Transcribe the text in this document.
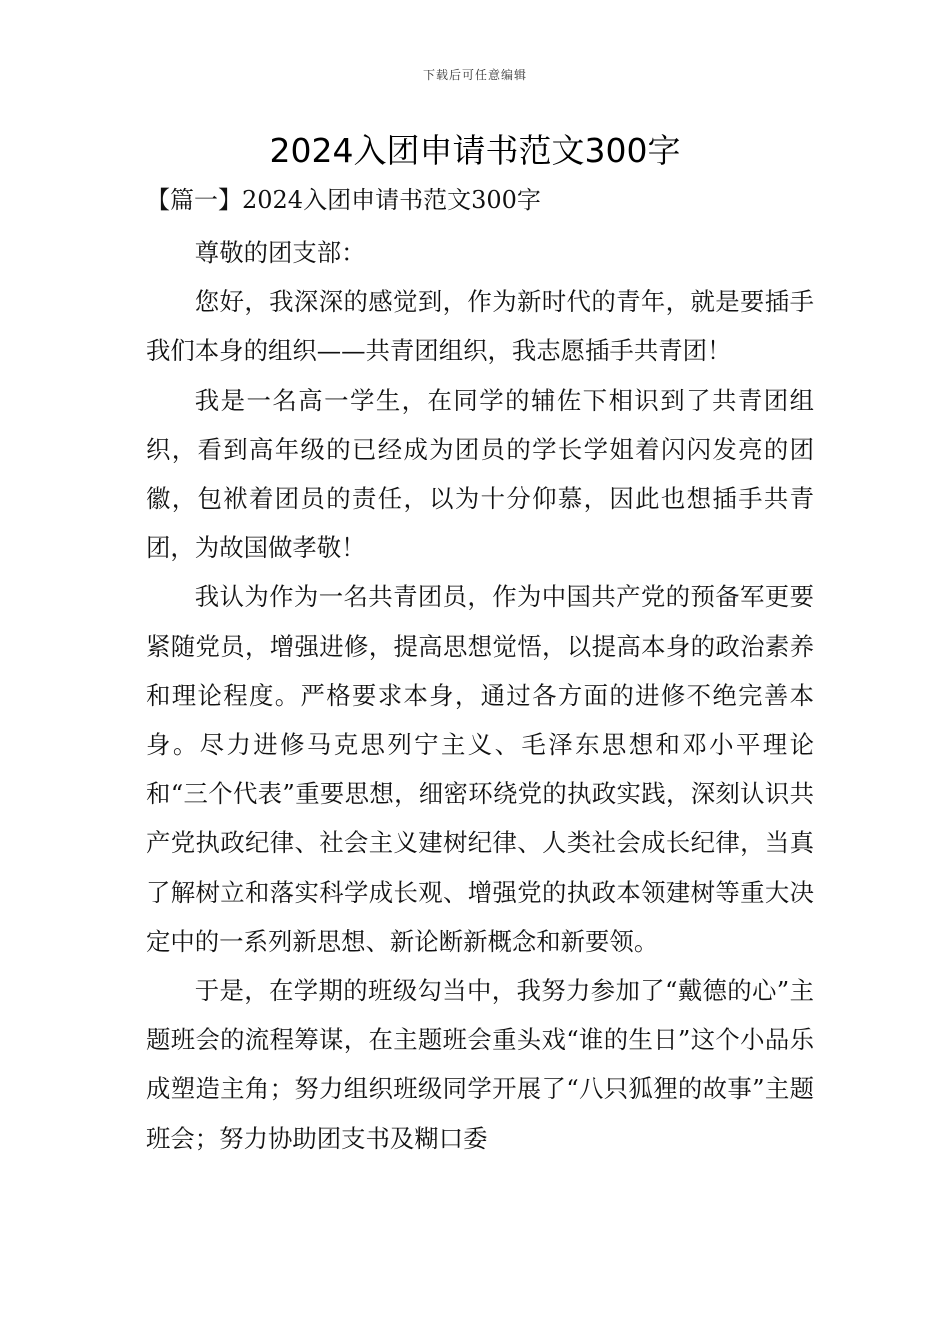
下载后可任意编辑
2024入团申请书范文300字
【篇一】2024入团申请书范文300字

尊敬的团支部：

您好，我深深的感觉到，作为新时代的青年，就是要插手我们本身的组织——共青团组织，我志愿插手共青团！

我是一名高一学生，在同学的辅佐下相识到了共青团组织，看到高年级的已经成为团员的学长学姐着闪闪发亮的团徽，包袱着团员的责任，以为十分仰慕，因此也想插手共青团，为故国做孝敬！

我认为作为一名共青团员，作为中国共产党的预备军更要紧随党员，增强进修，提高思想觉悟，以提高本身的政治素养和理论程度。严格要求本身，通过各方面的进修不绝完善本身。尽力进修马克思列宁主义、毛泽东思想和邓小平理论和“三个代表”重要思想，细密环绕党的执政实践，深刻认识共产党执政纪律、社会主义建树纪律、人类社会成长纪律，当真了解树立和落实科学成长观、增强党的执政本领建树等重大决定中的一系列新思想、新论断新概念和新要领。

于是，在学期的班级勾当中，我努力参加了“戴德的心”主题班会的流程筹谋，在主题班会重头戏“谁的生日”这个小品乐成塑造主角；努力组织班级同学开展了“八只狐狸的故事”主题班会；努力协助团支书及糊口委
